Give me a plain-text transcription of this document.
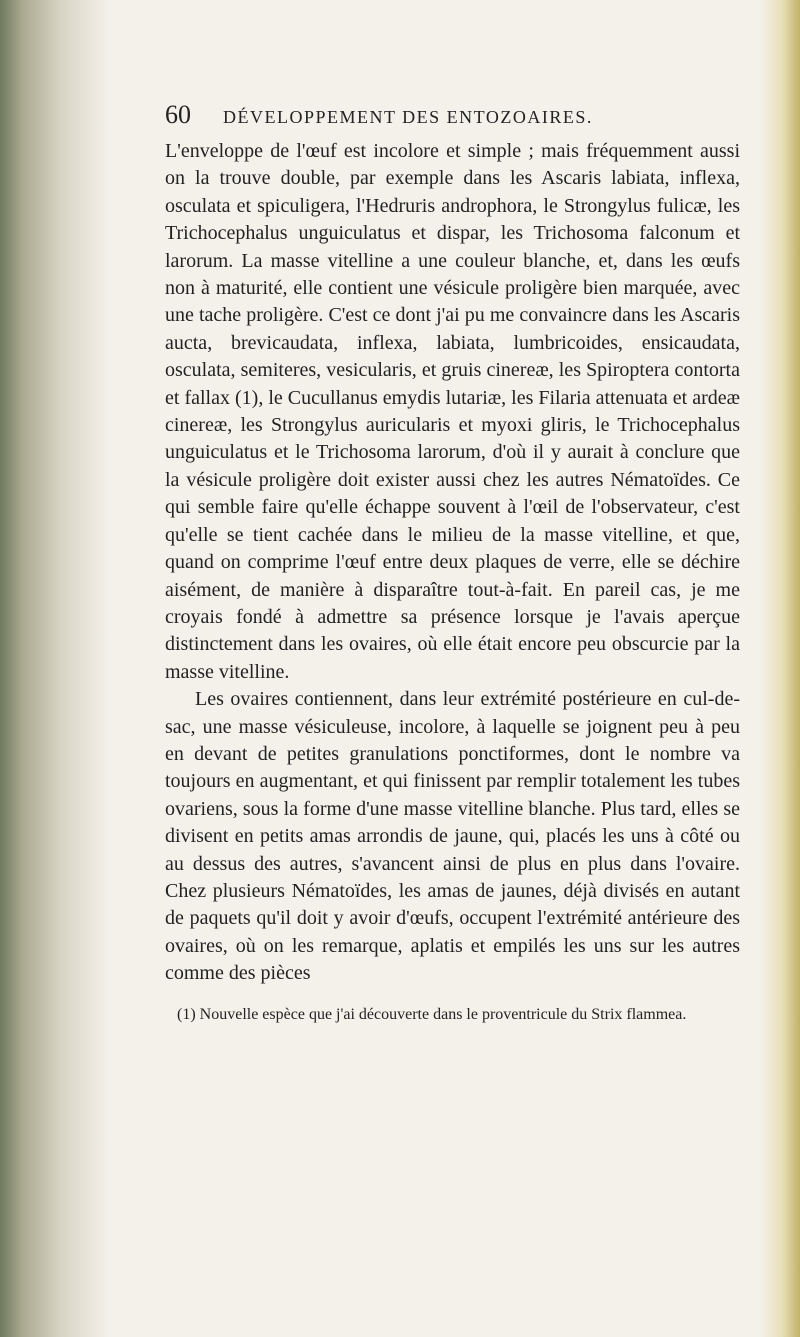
60	DÉVELOPPEMENT DES ENTOZOAIRES.

L'enveloppe de l'œuf est incolore et simple ; mais fréquemment aussi on la trouve double, par exemple dans les Ascaris labiata, inflexa, osculata et spiculigera, l'Hedruris androphora, le Strongylus fulicæ, les Trichocephalus unguiculatus et dispar, les Trichosoma falconum et larorum. La masse vitelline a une couleur blanche, et, dans les œufs non à maturité, elle contient une vésicule proligère bien marquée, avec une tache proligère. C'est ce dont j'ai pu me convaincre dans les Ascaris aucta, brevicaudata, inflexa, labiata, lumbricoides, ensicaudata, osculata, semiteres, vesicularis, et gruis cinereæ, les Spiroptera contorta et fallax (1), le Cucullanus emydis lutariæ, les Filaria attenuata et ardeæ cinereæ, les Strongylus auricularis et myoxi gliris, le Trichocephalus unguiculatus et le Trichosoma larorum, d'où il y aurait à conclure que la vésicule proligère doit exister aussi chez les autres Nématoïdes. Ce qui semble faire qu'elle échappe souvent à l'œil de l'observateur, c'est qu'elle se tient cachée dans le milieu de la masse vitelline, et que, quand on comprime l'œuf entre deux plaques de verre, elle se déchire aisément, de manière à disparaître tout-à-fait. En pareil cas, je me croyais fondé à admettre sa présence lorsque je l'avais aperçue distinctement dans les ovaires, où elle était encore peu obscurcie par la masse vitelline.

Les ovaires contiennent, dans leur extrémité postérieure en cul-de-sac, une masse vésiculeuse, incolore, à laquelle se joignent peu à peu en devant de petites granulations ponctiformes, dont le nombre va toujours en augmentant, et qui finissent par remplir totalement les tubes ovariens, sous la forme d'une masse vitelline blanche. Plus tard, elles se divisent en petits amas arrondis de jaune, qui, placés les uns à côté ou au dessus des autres, s'avancent ainsi de plus en plus dans l'ovaire. Chez plusieurs Nématoïdes, les amas de jaunes, déjà divisés en autant de paquets qu'il doit y avoir d'œufs, occupent l'extrémité antérieure des ovaires, où on les remarque, aplatis et empilés les uns sur les autres comme des pièces

(1) Nouvelle espèce que j'ai découverte dans le proventricule du Strix flammea.
